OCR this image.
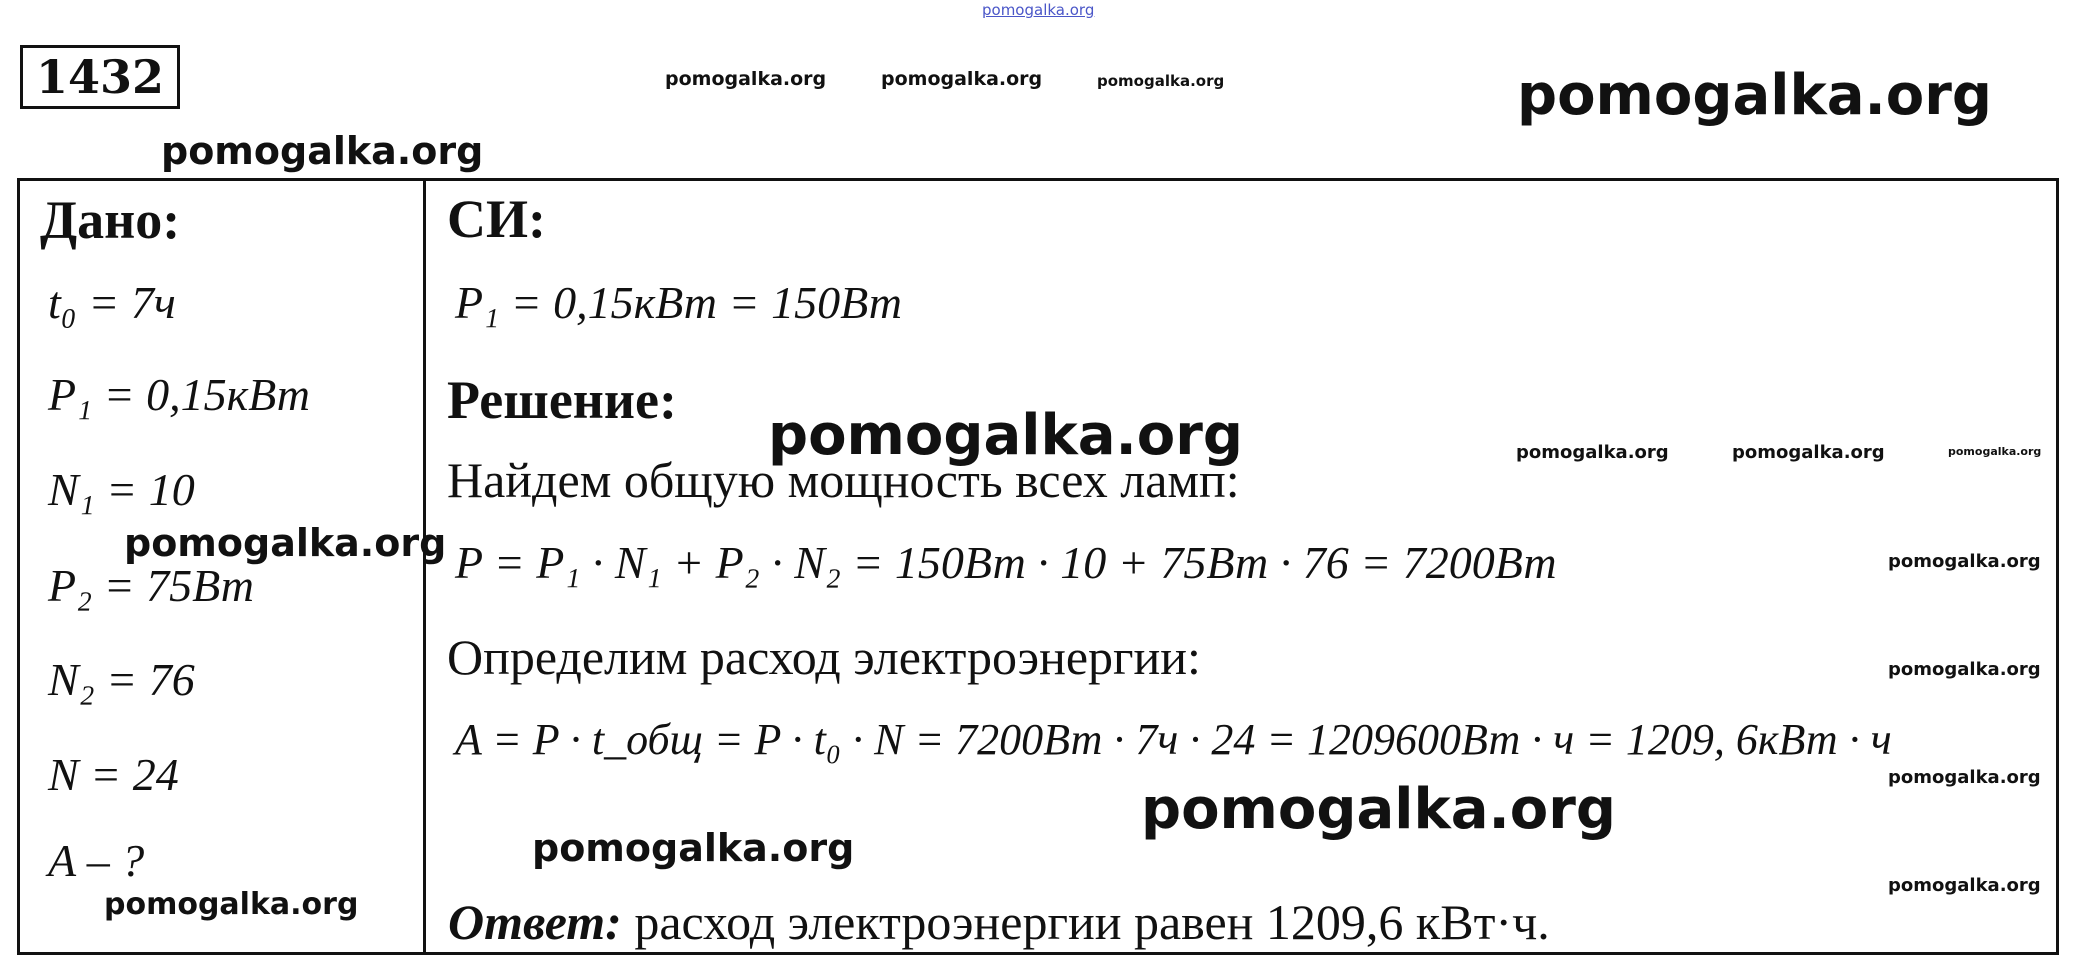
pomogalka.org
pomogalka.org	pomogalka.org	pomogalka.org	pomogalka.org
pomogalka.org
1432
Дано:
t₀ = 7ч
P₁ = 0,15кВт
N₁ = 10
P₂ = 75Вт
N₂ = 76
N = 24
A – ?
СИ:
P₁ = 0,15кВт = 150Вт
Решение:
Найдем общую мощность всех ламп:
P = P₁ · N₁ + P₂ · N₂ = 150Вт · 10 + 75Вт · 76 = 7200Вт
Определим расход электроэнергии:
A = P · t_общ = P · t₀ · N = 7200Вт · 7ч · 24 = 1209600Вт · ч = 1209, 6кВт · ч
Ответ: расход электроэнергии равен 1209,6 кВт·ч.
pomogalka.org	pomogalka.org	pomogalka.org	pomogalka.org
pomogalka.org	pomogalka.org
pomogalka.org
pomogalka.org
pomogalka.org
pomogalka.org
pomogalka.org
pomogalka.org
